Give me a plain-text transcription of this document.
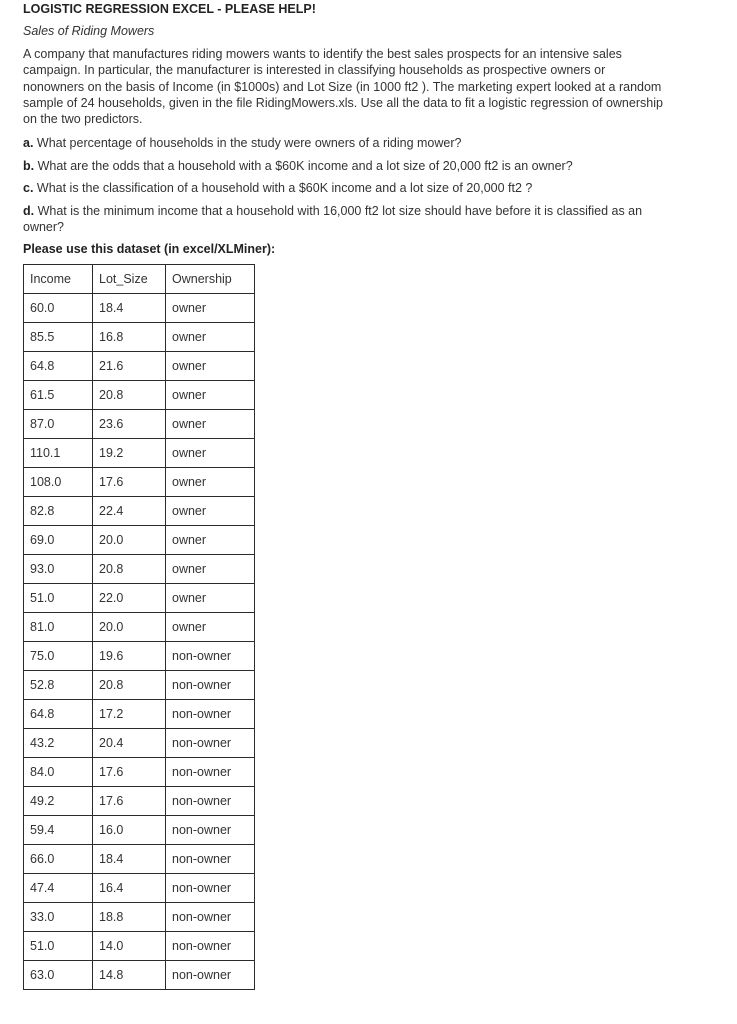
LOGISTIC REGRESSION EXCEL - PLEASE HELP!
Sales of Riding Mowers
A company that manufactures riding mowers wants to identify the best sales prospects for an intensive sales campaign. In particular, the manufacturer is interested in classifying households as prospective owners or nonowners on the basis of Income (in $1000s) and Lot Size (in 1000 ft2 ). The marketing expert looked at a random sample of 24 households, given in the file RidingMowers.xls. Use all the data to fit a logistic regression of ownership on the two predictors.
a. What percentage of households in the study were owners of a riding mower?
b. What are the odds that a household with a $60K income and a lot size of 20,000 ft2 is an owner?
c. What is the classification of a household with a $60K income and a lot size of 20,000 ft2 ?
d. What is the minimum income that a household with 16,000 ft2 lot size should have before it is classified as an owner?
Please use this dataset (in excel/XLMiner):
Income	Lot_Size	Ownership
60.0	18.4	owner
85.5	16.8	owner
64.8	21.6	owner
61.5	20.8	owner
87.0	23.6	owner
110.1	19.2	owner
108.0	17.6	owner
82.8	22.4	owner
69.0	20.0	owner
93.0	20.8	owner
51.0	22.0	owner
81.0	20.0	owner
75.0	19.6	non-owner
52.8	20.8	non-owner
64.8	17.2	non-owner
43.2	20.4	non-owner
84.0	17.6	non-owner
49.2	17.6	non-owner
59.4	16.0	non-owner
66.0	18.4	non-owner
47.4	16.4	non-owner
33.0	18.8	non-owner
51.0	14.0	non-owner
63.0	14.8	non-owner
